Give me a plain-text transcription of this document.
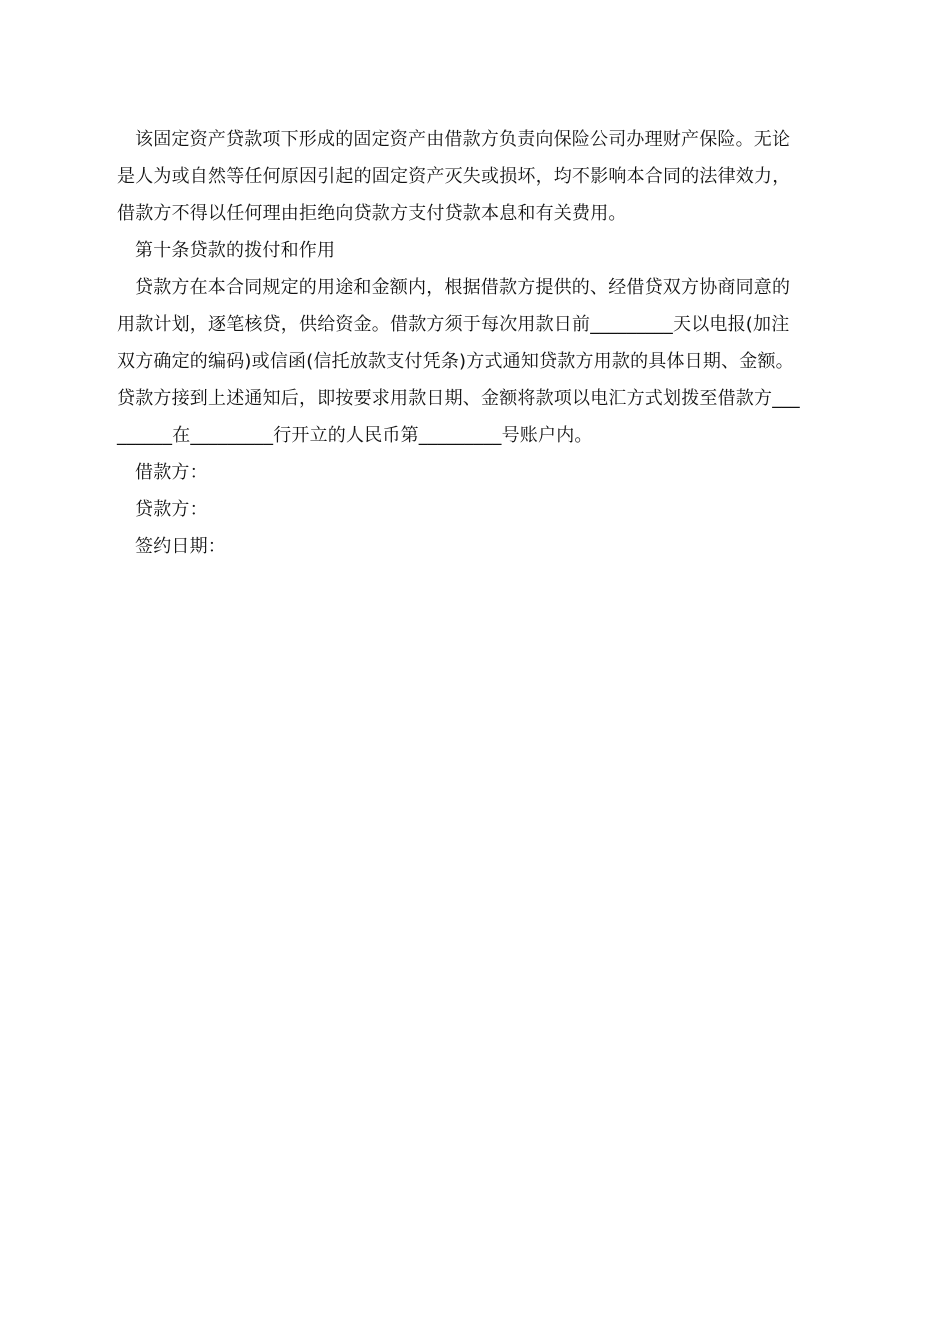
该固定资产贷款项下形成的固定资产由借款方负责向保险公司办理财产保险。无论
是人为或自然等任何原因引起的固定资产灭失或损坏，均不影响本合同的法律效力，
借款方不得以任何理由拒绝向贷款方支付贷款本息和有关费用。
第十条贷款的拨付和作用
贷款方在本合同规定的用途和金额内，根据借款方提供的、经借贷双方协商同意的
用款计划，逐笔核贷，供给资金。借款方须于每次用款日前_________天以电报(加注
双方确定的编码)或信函(信托放款支付凭条)方式通知贷款方用款的具体日期、金额。
贷款方接到上述通知后，即按要求用款日期、金额将款项以电汇方式划拨至借款方___
______在_________行开立的人民币第_________号账户内。
借款方：
贷款方：
签约日期：
